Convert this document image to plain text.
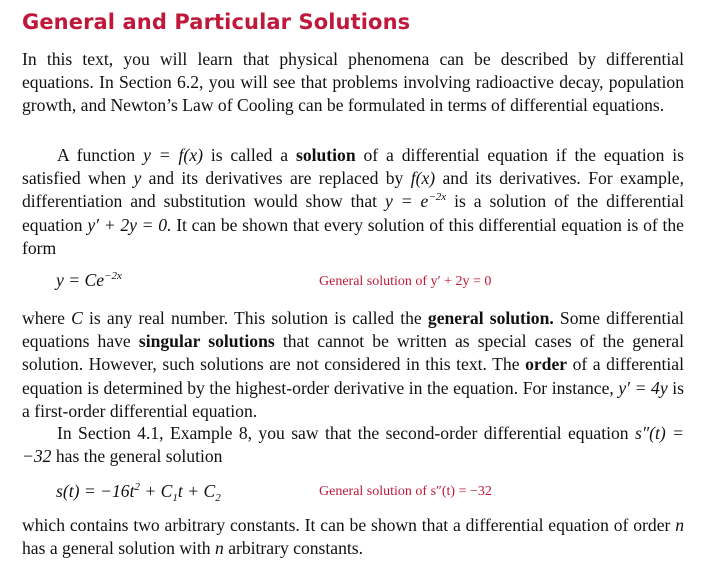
General and Particular Solutions

In this text, you will learn that physical phenomena can be described by differential equations. In Section 6.2, you will see that problems involving radioactive decay, population growth, and Newton’s Law of Cooling can be formulated in terms of differential equations.

A function y = f(x) is called a solution of a differential equation if the equation is satisfied when y and its derivatives are replaced by f(x) and its derivatives. For example, differentiation and substitution would show that $y = e^{-2x}$ is a solution of the differential equation y′ + 2y = 0. It can be shown that every solution of this differential equation is of the form

$y = Ce^{-2x}$	General solution of y′ + 2y = 0

where C is any real number. This solution is called the general solution. Some differential equations have singular solutions that cannot be written as special cases of the general solution. However, such solutions are not considered in this text. The order of a differential equation is determined by the highest-order derivative in the equation. For instance, y′ = 4y is a first-order differential equation.

In Section 4.1, Example 8, you saw that the second-order differential equation s″(t) = −32 has the general solution

$s(t) = -16t^2 + C_1t + C_2$	General solution of s″(t) = −32

which contains two arbitrary constants. It can be shown that a differential equation of order n has a general solution with n arbitrary constants.
